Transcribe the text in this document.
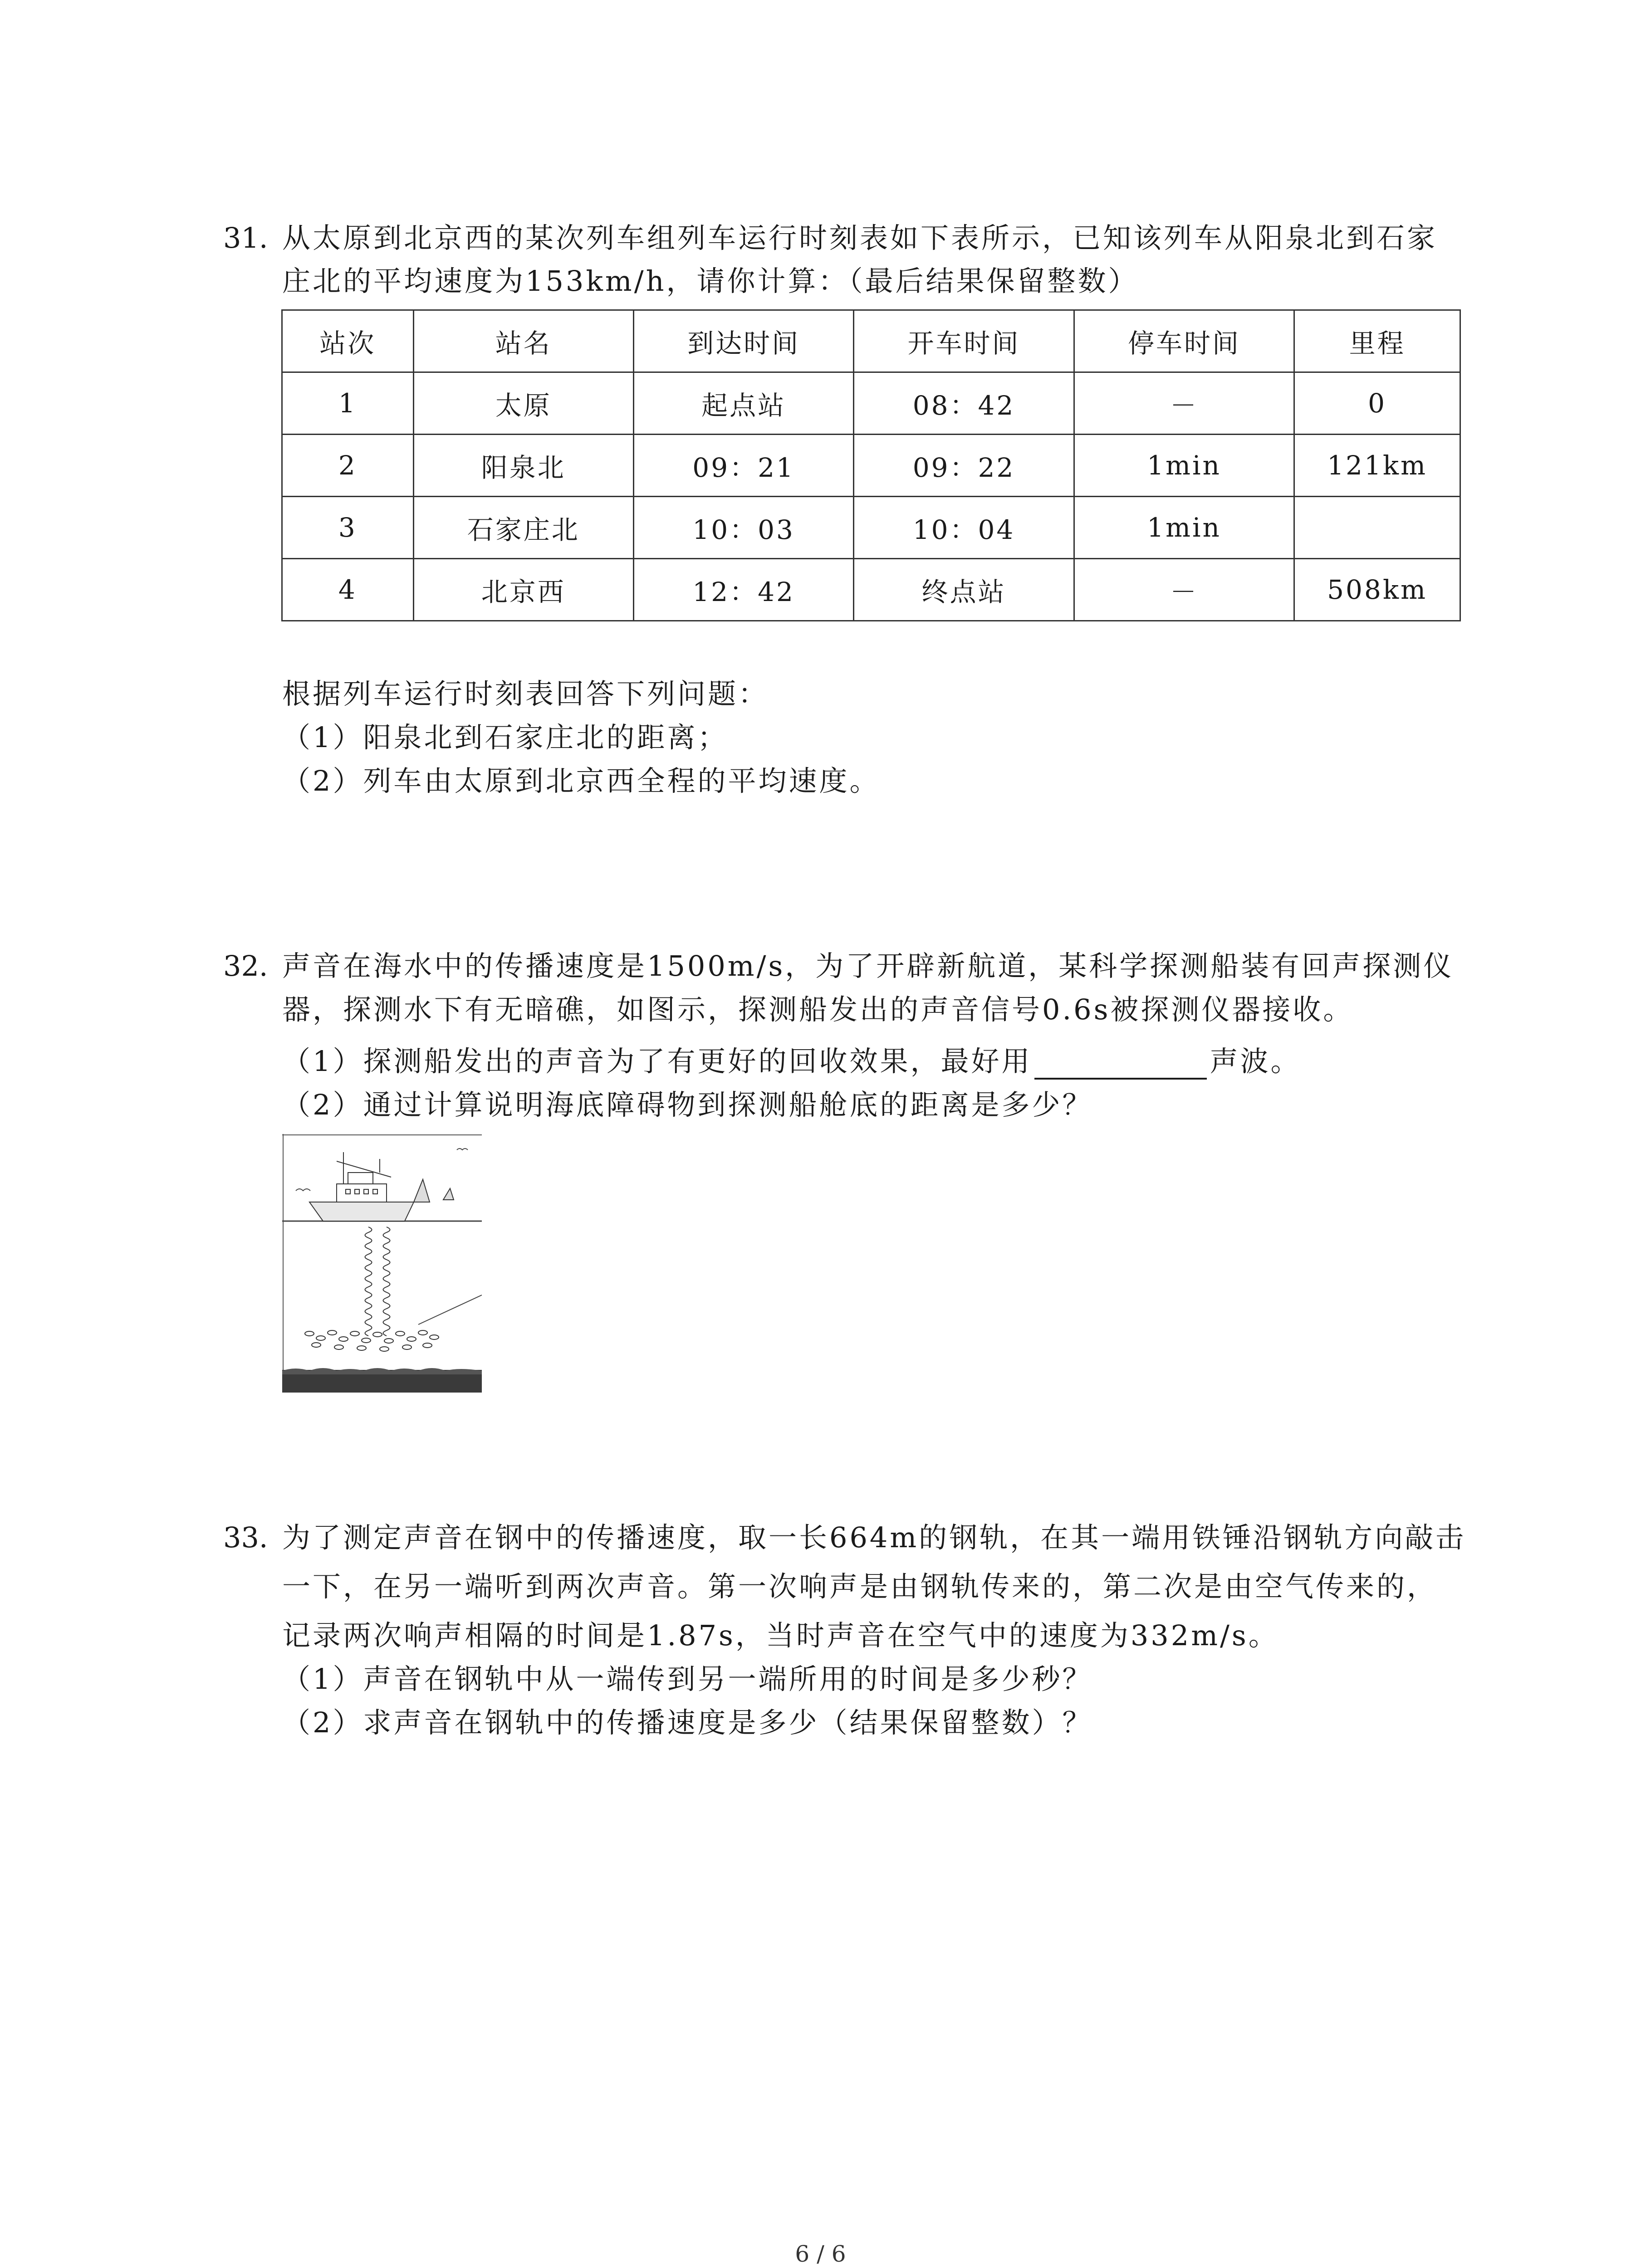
31. 从太原到北京西的某次列车组列车运行时刻表如下表所示，已知该列车从阳泉北到石家
庄北的平均速度为153km/h，请你计算：（最后结果保留整数）
站次	站名	到达时间	开车时间	停车时间	里程
1	太原	起点站	08：42	－	0
2	阳泉北	09：21	09：22	1min	121km
3	石家庄北	10：03	10：04	1min	
4	北京西	12：42	终点站	－	508km
根据列车运行时刻表回答下列问题：
（1）阳泉北到石家庄北的距离；
（2）列车由太原到北京西全程的平均速度。
32. 声音在海水中的传播速度是1500m/s，为了开辟新航道，某科学探测船装有回声探测仪
器，探测水下有无暗礁，如图示，探测船发出的声音信号0.6s被探测仪器接收。
（1）探测船发出的声音为了有更好的回收效果，最好用	声波。
（2）通过计算说明海底障碍物到探测船舱底的距离是多少？
33. 为了测定声音在钢中的传播速度，取一长664m的钢轨，在其一端用铁锤沿钢轨方向敲击
一下，在另一端听到两次声音。第一次响声是由钢轨传来的，第二次是由空气传来的，
记录两次响声相隔的时间是1.87s，当时声音在空气中的速度为332m/s。
（1）声音在钢轨中从一端传到另一端所用的时间是多少秒？
（2）求声音在钢轨中的传播速度是多少（结果保留整数）？
6 / 6
